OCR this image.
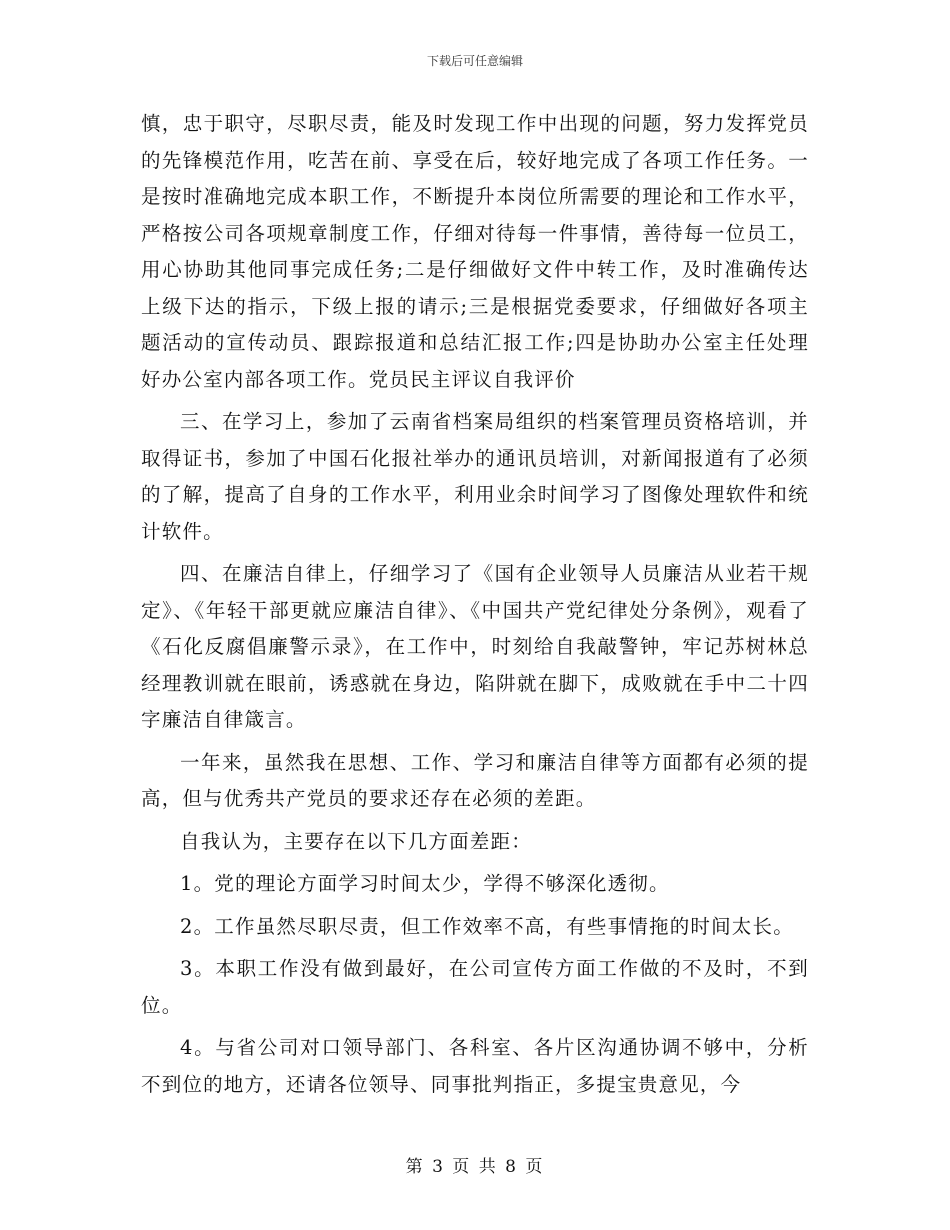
下载后可任意编辑

慎，忠于职守，尽职尽责，能及时发现工作中出现的问题，努力发挥党员的先锋模范作用，吃苦在前、享受在后，较好地完成了各项工作任务。一是按时准确地完成本职工作，不断提升本岗位所需要的理论和工作水平，严格按公司各项规章制度工作，仔细对待每一件事情，善待每一位员工，用心协助其他同事完成任务;二是仔细做好文件中转工作，及时准确传达上级下达的指示，下级上报的请示;三是根据党委要求，仔细做好各项主题活动的宣传动员、跟踪报道和总结汇报工作;四是协助办公室主任处理好办公室内部各项工作。党员民主评议自我评价

三、在学习上，参加了云南省档案局组织的档案管理员资格培训，并取得证书，参加了中国石化报社举办的通讯员培训，对新闻报道有了必须的了解，提高了自身的工作水平，利用业余时间学习了图像处理软件和统计软件。

四、在廉洁自律上，仔细学习了《国有企业领导人员廉洁从业若干规定》、《年轻干部更就应廉洁自律》、《中国共产党纪律处分条例》，观看了《石化反腐倡廉警示录》，在工作中，时刻给自我敲警钟，牢记苏树林总经理教训就在眼前，诱惑就在身边，陷阱就在脚下，成败就在手中二十四字廉洁自律箴言。

一年来，虽然我在思想、工作、学习和廉洁自律等方面都有必须的提高，但与优秀共产党员的要求还存在必须的差距。

自我认为，主要存在以下几方面差距：

1。党的理论方面学习时间太少，学得不够深化透彻。

2。工作虽然尽职尽责，但工作效率不高，有些事情拖的时间太长。

3。本职工作没有做到最好，在公司宣传方面工作做的不及时，不到位。

4。与省公司对口领导部门、各科室、各片区沟通协调不够中，分析不到位的地方，还请各位领导、同事批判指正，多提宝贵意见，今

第 3 页 共 8 页
